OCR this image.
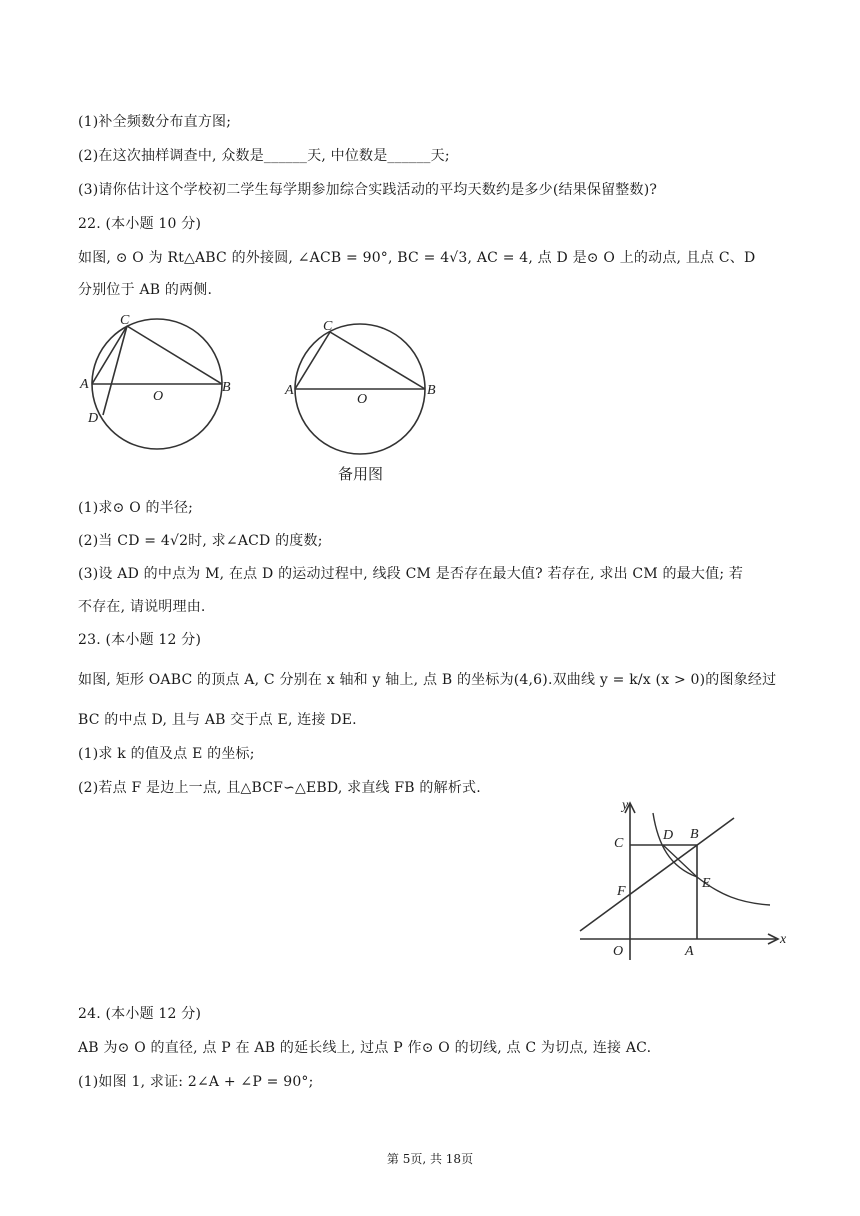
(1)补全频数分布直方图;
(2)在这次抽样调查中, 众数是______天, 中位数是______天;
(3)请你估计这个学校初二学生每学期参加综合实践活动的平均天数约是多少(结果保留整数)?
22. (本小题 10 分)
如图, ⊙ O 为 Rt△ABC 的外接圆, ∠ACB = 90°, BC = 4√3, AC = 4, 点 D 是⊙ O 上的动点, 且点 C、D
分别位于 AB 的两侧.
C
A
O
B
D
C
A
O
B
备用图
(1)求⊙ O 的半径;
(2)当 CD = 4√2时, 求∠ACD 的度数;
(3)设 AD 的中点为 M, 在点 D 的运动过程中, 线段 CM 是否存在最大值? 若存在, 求出 CM 的最大值; 若
不存在, 请说明理由.
23. (本小题 12 分)
如图, 矩形 OABC 的顶点 A, C 分别在 x 轴和 y 轴上, 点 B 的坐标为(4,6).双曲线 y = k/x (x > 0)的图象经过
BC 的中点 D, 且与 AB 交于点 E, 连接 DE.
(1)求 k 的值及点 E 的坐标;
(2)若点 F 是边上一点, 且△BCF∽△EBD, 求直线 FB 的解析式.
y
x
C
D B
E
F
O	A
24. (本小题 12 分)
AB 为⊙ O 的直径, 点 P 在 AB 的延长线上, 过点 P 作⊙ O 的切线, 点 C 为切点, 连接 AC.
(1)如图 1, 求证: 2∠A + ∠P = 90°;
第 5页, 共 18页
